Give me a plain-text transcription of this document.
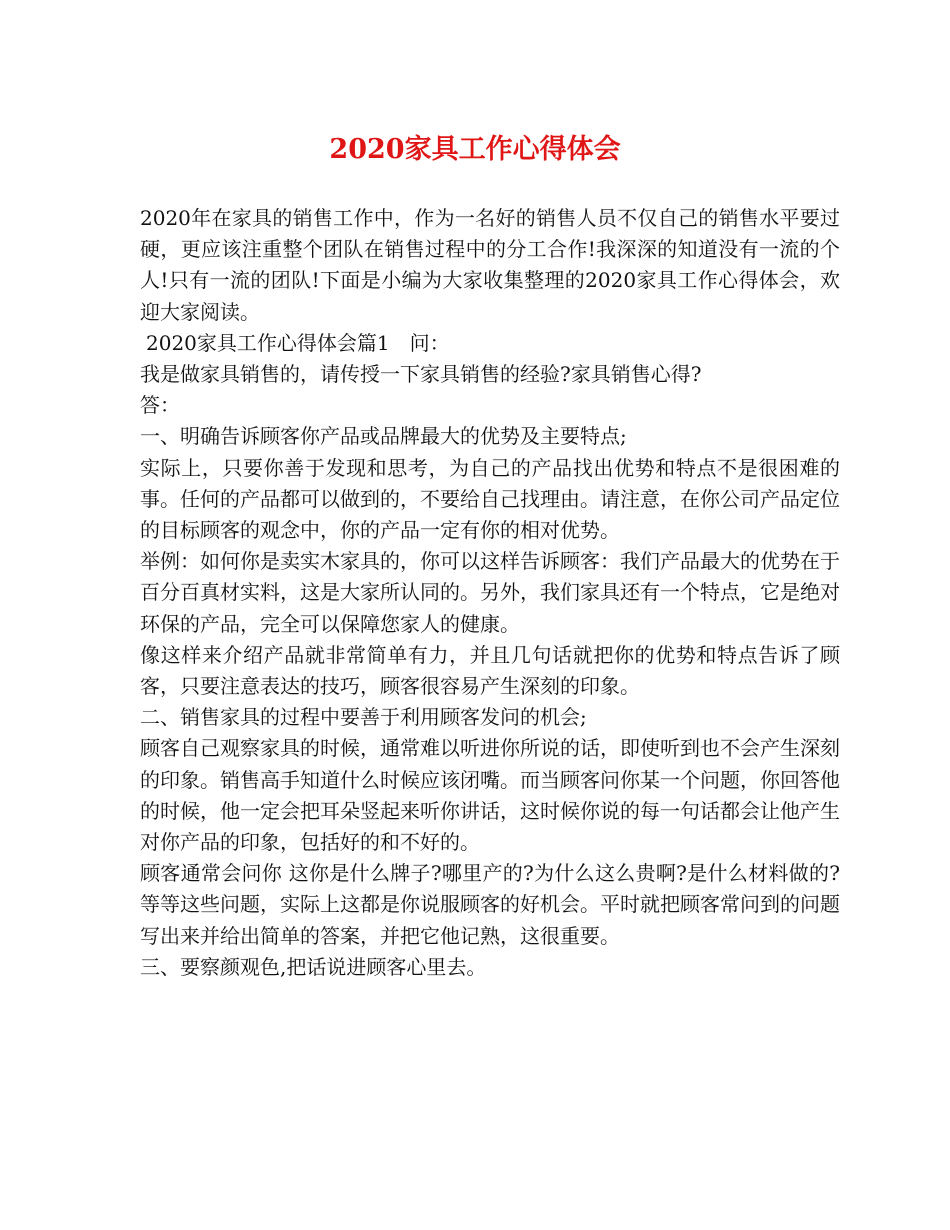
2020家具工作心得体会

2020年在家具的销售工作中，作为一名好的销售人员不仅自己的销售水平要过硬，更应该注重整个团队在销售过程中的分工合作!我深深的知道没有一流的个人!只有一流的团队!下面是小编为大家收集整理的2020家具工作心得体会，欢迎大家阅读。

2020家具工作心得体会篇1　问：

我是做家具销售的，请传授一下家具销售的经验?家具销售心得?

答：

一、明确告诉顾客你产品或品牌最大的优势及主要特点;

实际上，只要你善于发现和思考，为自己的产品找出优势和特点不是很困难的事。任何的产品都可以做到的，不要给自己找理由。请注意，在你公司产品定位的目标顾客的观念中，你的产品一定有你的相对优势。

举例：如何你是卖实木家具的，你可以这样告诉顾客：我们产品最大的优势在于百分百真材实料，这是大家所认同的。另外，我们家具还有一个特点，它是绝对环保的产品，完全可以保障您家人的健康。

像这样来介绍产品就非常简单有力，并且几句话就把你的优势和特点告诉了顾客，只要注意表达的技巧，顾客很容易产生深刻的印象。

二、销售家具的过程中要善于利用顾客发问的机会;

顾客自己观察家具的时候，通常难以听进你所说的话，即使听到也不会产生深刻的印象。销售高手知道什么时候应该闭嘴。而当顾客问你某一个问题，你回答他的时候，他一定会把耳朵竖起来听你讲话，这时候你说的每一句话都会让他产生对你产品的印象，包括好的和不好的。

顾客通常会问你 这你是什么牌子?哪里产的?为什么这么贵啊?是什么材料做的?等等这些问题，实际上这都是你说服顾客的好机会。平时就把顾客常问到的问题写出来并给出简单的答案，并把它他记熟，这很重要。

三、要察颜观色,把话说进顾客心里去。
